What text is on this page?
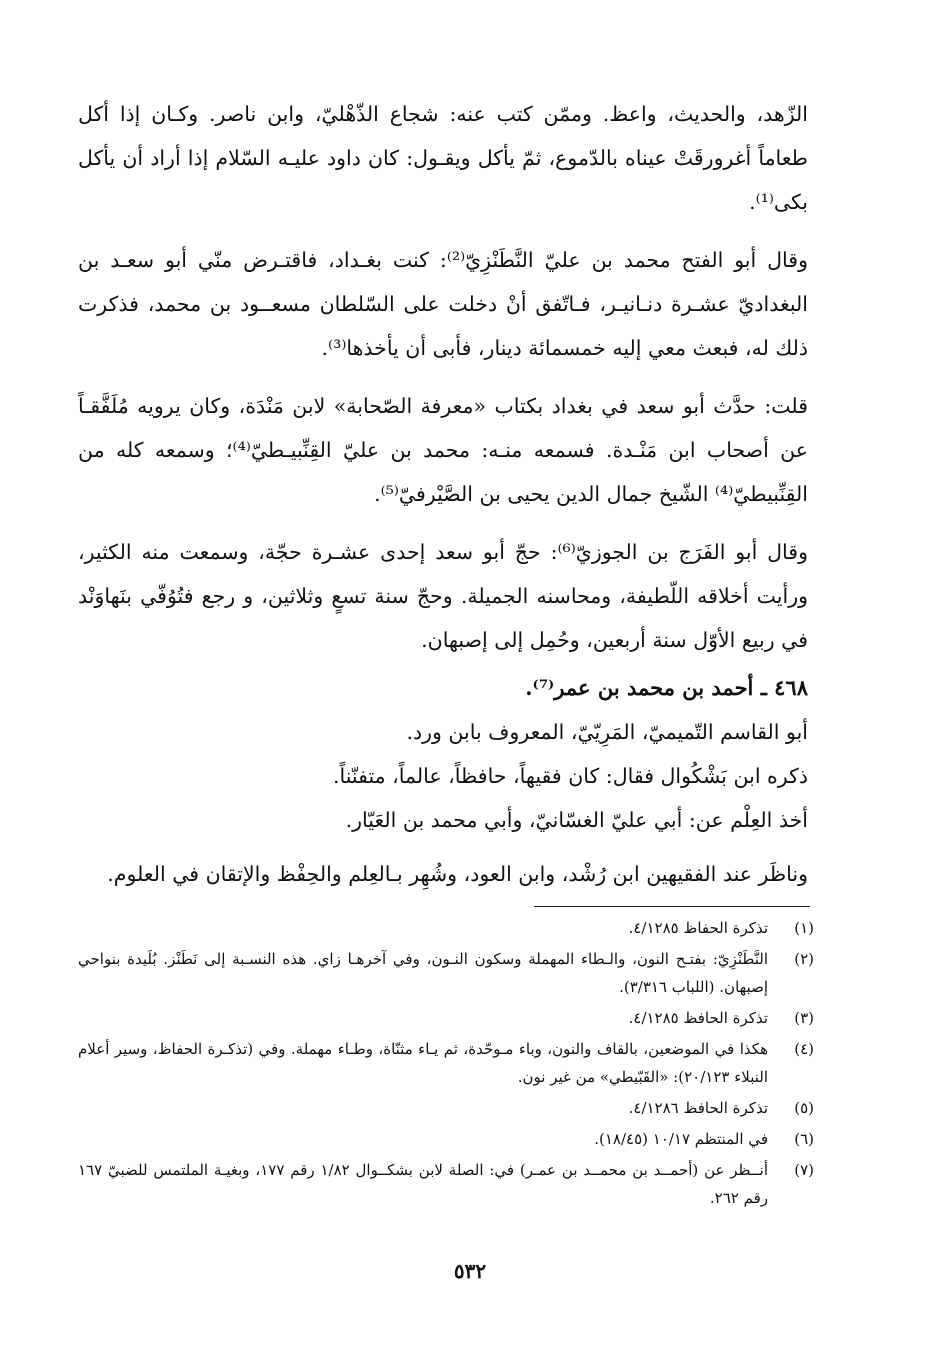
الزّهد، والحديث، واعظ. وممّن كتب عنه: شجاع الذّهْليّ، وابن ناصر. وكـان إذا أكل طعاماً أغرورقَتْ عيناه بالدّموع، ثمّ يأكل ويقـول: كان داود عليـه السّلام إذا أراد أن يأكل بكى⁽¹⁾.

وقال أبو الفتح محمد بن عليّ النَّطَنْزِيّ⁽²⁾: كنت بغـداد، فاقتـرض منّي أبو سعـد بن البغداديّ عشـرة دنـانيـر، فـاتّفق أنْ دخلت على السّلطان مسعــود بن محمد، فذكرت ذلك له، فبعث معي إليه خمسمائة دينار، فأبى أن يأخذها⁽³⁾.

قلت: حدَّث أبو سعد في بغداد بكتاب «معرفة الصّحابة» لابن مَنْدَة، وكان يرويه مُلَفَّقـاً عن أصحاب ابن مَنْـدة. فسمعه منـه: محمد بن عليّ القِنِّبيـطيّ⁽⁴⁾؛ وسمعه كله من القِنِّبيطيّ⁽⁴⁾ الشّيخ جمال الدين يحيى بن الصَّيْرفيّ⁽⁵⁾.

وقال أبو الفَرَج بن الجوزيّ⁽⁶⁾: حجّ أبو سعد إحدى عشـرة حجّة، وسمعت منه الكثير، ورأيت أخلاقه اللّطيفة، ومحاسنه الجميلة. وحجّ سنة تسعٍ وثلاثين، و رجع فتُوُفّي بنَهاوَنْد في ربيع الأوّل سنة أربعين، وحُمِل إلى إصبهان.

٤٦٨ ـ أحمد بن محمد بن عمر⁽⁷⁾.

أبو القاسم التّميميّ، المَرِيّيّ، المعروف بابن ورد.

ذكره ابن بَشْكُوال فقال: كان فقيهاً، حافظاً، عالماً، متفنّناً.

أخذ العِلْم عن: أبي عليّ الغسّانيّ، وأبي محمد بن العَيّار.

وناظَر عند الفقيهين ابن رُشْد، وابن العود، وشُهِر بـالعِلم والحِفْظ والإتقان في العلوم.

(١)
تذكرة الحفاظ ٤/١٢٨٥.
(٢)
النَّطَنْزِيّ: بفتـح النون، والـطاء المهملة وسكون النـون، وفي آخرهـا زاي. هذه النسـبة إلى نَطَنْز. بُلَيدة بنواحي إصبهان. (اللباب ٣/٣١٦).
(٣)
تذكرة الحافظ ٤/١٢٨٥.
(٤)
هكذا في الموضعين، بالقاف والنون، وباء مـوحّدة، ثم يـاء مثنّاة، وطـاء مهملة. وفي (تذكـرة الحفاظ، وسير أعلام النبلاء ٢٠/١٢٣): «القَبّيطي» من غير نون.
(٥)
تذكرة الحافظ ٤/١٢٨٦.
(٦)
في المنتظم ١٠/١٧ (١٨/٤٥).
(٧)
أنــظر عن (أحمــد بن محمــد بن عمـر) في: الصلة لابن بشكــوال ١/٨٢ رقم ١٧٧، وبغيـة الملتمس للضبيّ ١٦٧ رقم ٢٦٢.
٥٣٢
